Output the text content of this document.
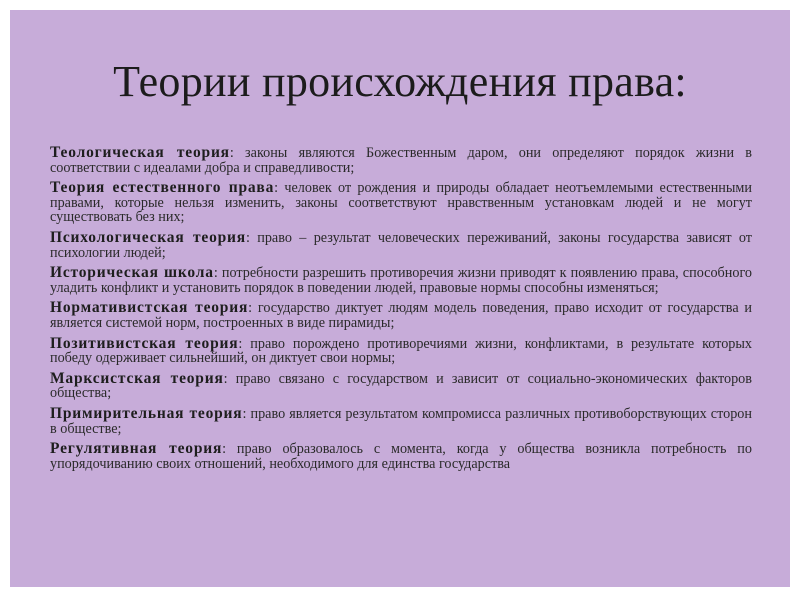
Теории происхождения права:

Теологическая теория: законы являются Божественным даром, они определяют порядок жизни в соответствии с идеалами добра и справедливости;

Теория естественного права: человек от рождения и природы обладает неотъемлемыми естественными правами, которые нельзя изменить, законы соответствуют нравственным установкам людей и не могут существовать без них;

Психологическая теория: право – результат человеческих переживаний, законы государства зависят от психологии людей;

Историческая школа: потребности разрешить противоречия жизни приводят к появлению права, способного уладить конфликт и установить порядок в поведении людей, правовые нормы способны изменяться;

Нормативистская теория: государство диктует людям модель поведения, право исходит от государства и является системой норм, построенных в виде пирамиды;

Позитивистская теория: право порождено противоречиями жизни, конфликтами, в результате которых победу одерживает сильнейший, он диктует свои нормы;

Марксистская теория: право связано с государством и зависит от социально-экономических факторов общества;

Примирительная теория: право является результатом компромисса различных противоборствующих сторон в обществе;

Регулятивная теория: право образовалось с момента, когда у общества возникла потребность по упорядочиванию своих отношений, необходимого для единства государства
